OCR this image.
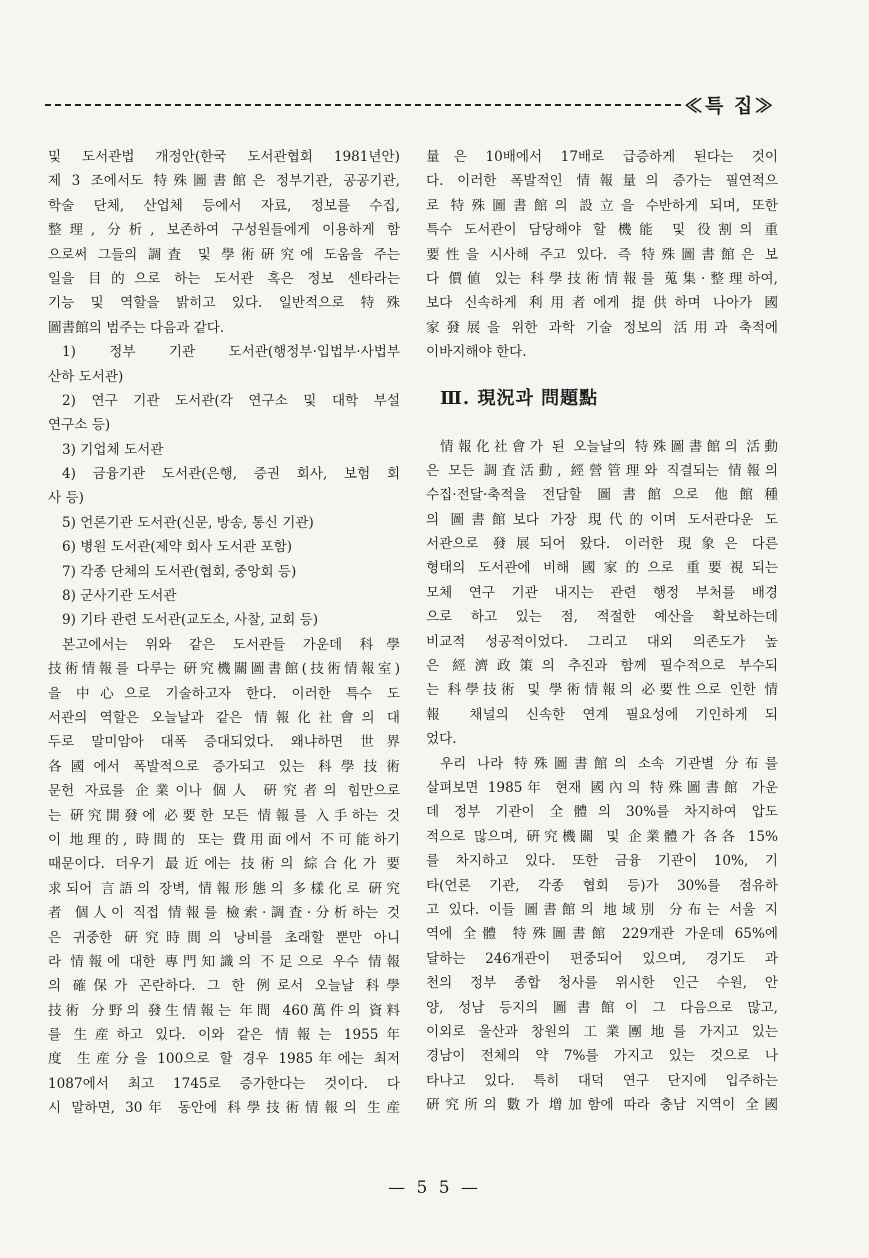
≪특 집≫
및 도서관법 개정안(한국 도서관협회 1981년안)
제 3 조에서도 特殊圖書館은 정부기관, 공공기관,
학술 단체, 산업체 등에서 자료, 정보를 수집,
整理, 分析, 보존하여 구성원들에게 이용하게 함
으로써 그들의 調査 및 學術硏究에 도움을 주는
일을 目的으로 하는 도서관 혹은 정보 센타라는
기능 및 역할을 밝히고 있다. 일반적으로 特殊
圖書館의 범주는 다음과 같다.
1) 정부 기관 도서관(행정부·입법부·사법부
산하 도서관)
2) 연구 기관 도서관(각 연구소 및 대학 부설
연구소 등)
3) 기업체 도서관
4) 금융기관 도서관(은행, 증권 회사, 보험 회
사 등)
5) 언론기관 도서관(신문, 방송, 통신 기관)
6) 병원 도서관(제약 회사 도서관 포함)
7) 각종 단체의 도서관(협회, 중앙회 등)
8) 군사기관 도서관
9) 기타 관련 도서관(교도소, 사찰, 교회 등)
본고에서는 위와 같은 도서관들 가운데 科學
技術情報를 다루는 硏究機關圖書館(技術情報室)
을 中心으로 기술하고자 한다. 이러한 특수 도
서관의 역할은 오늘날과 같은 情報化社會의 대
두로 말미암아 대폭 증대되었다. 왜냐하면 世界
各國에서 폭발적으로 증가되고 있는 科學技術
문헌 자료를 企業이나 個人 硏究者의 힘만으로
는 硏究開發에 必要한 모든 情報를 入手하는 것
이 地理的, 時間的 또는 費用面에서 不可能하기
때문이다. 더우기 最近에는 技術의 綜合化가 要
求되어 言語의 장벽, 情報形態의 多樣化로 硏究
者 個人이 직접 情報를 檢索·調査·分析하는 것
은 귀중한 硏究時間의 낭비를 초래할 뿐만 아니
라 情報에 대한 專門知識의 不足으로 우수 情報
의 確保가 곤란하다. 그 한 例로서 오늘날 科學
技術 分野의 發生情報는 年間 460萬件의 資料
를 生産하고 있다. 이와 같은 情報는 1955年
度 生産分을 100으로 할 경우 1985年에는 최저
1087에서 최고 1745로 증가한다는 것이다. 다
시 말하면, 30年 동안에 科學技術情報의 生産
量은 10배에서 17배로 급증하게 된다는 것이
다. 이러한 폭발적인 情報量의 증가는 필연적으
로 特殊圖書館의 設立을 수반하게 되며, 또한
특수 도서관이 담당해야 할 機能 및 役割의 重
要性을 시사해 주고 있다. 즉 特殊圖書館은 보
다 價値 있는 科學技術情報를 蒐集·整理하여,
보다 신속하게 利用者에게 提供하며 나아가 國
家發展을 위한 과학 기술 정보의 活用과 축적에
이바지해야 한다.
Ⅲ. 現況과 問題點
情報化社會가 된 오늘날의 特殊圖書館의 活動
은 모든 調査活動, 經營管理와 직결되는 情報의
수집·전달·축적을 전담할 圖書館으로 他館種
의 圖書館보다 가장 現代的이며 도서관다운 도
서관으로 發展되어 왔다. 이러한 現象은 다른
형태의 도서관에 비해 國家的으로 重要視되는
모체 연구 기관 내지는 관련 행정 부처를 배경
으로 하고 있는 점, 적절한 예산을 확보하는데
비교적 성공적이었다. 그리고 대외 의존도가 높
은 經濟政策의 추진과 함께 필수적으로 부수되
는 科學技術 및 學術情報의 必要性으로 인한 情
報 채널의 신속한 연계 필요성에 기인하게 되
었다.
우리 나라 特殊圖書館의 소속 기관별 分布를
살펴보면 1985年 현재 國內의 特殊圖書館 가운
데 정부 기관이 全體의 30%를 차지하여 압도
적으로 많으며, 硏究機關 및 企業體가 各各 15%
를 차지하고 있다. 또한 금융 기관이 10%, 기
타(언론 기관, 각종 협회 등)가 30%를 점유하
고 있다. 이들 圖書館의 地域別 分布는 서울 지
역에 全體 特殊圖書館 229개관 가운데 65%에
달하는 246개관이 편중되어 있으며, 경기도 과
천의 정부 종합 청사를 위시한 인근 수원, 안
양, 성남 등지의 圖書館이 그 다음으로 많고,
이외로 울산과 창원의 工業團地를 가지고 있는
경남이 전체의 약 7%를 가지고 있는 것으로 나
타나고 있다. 특히 대덕 연구 단지에 입주하는
硏究所의 數가 增加함에 따라 충남 지역이 全國
— 5 5 —
